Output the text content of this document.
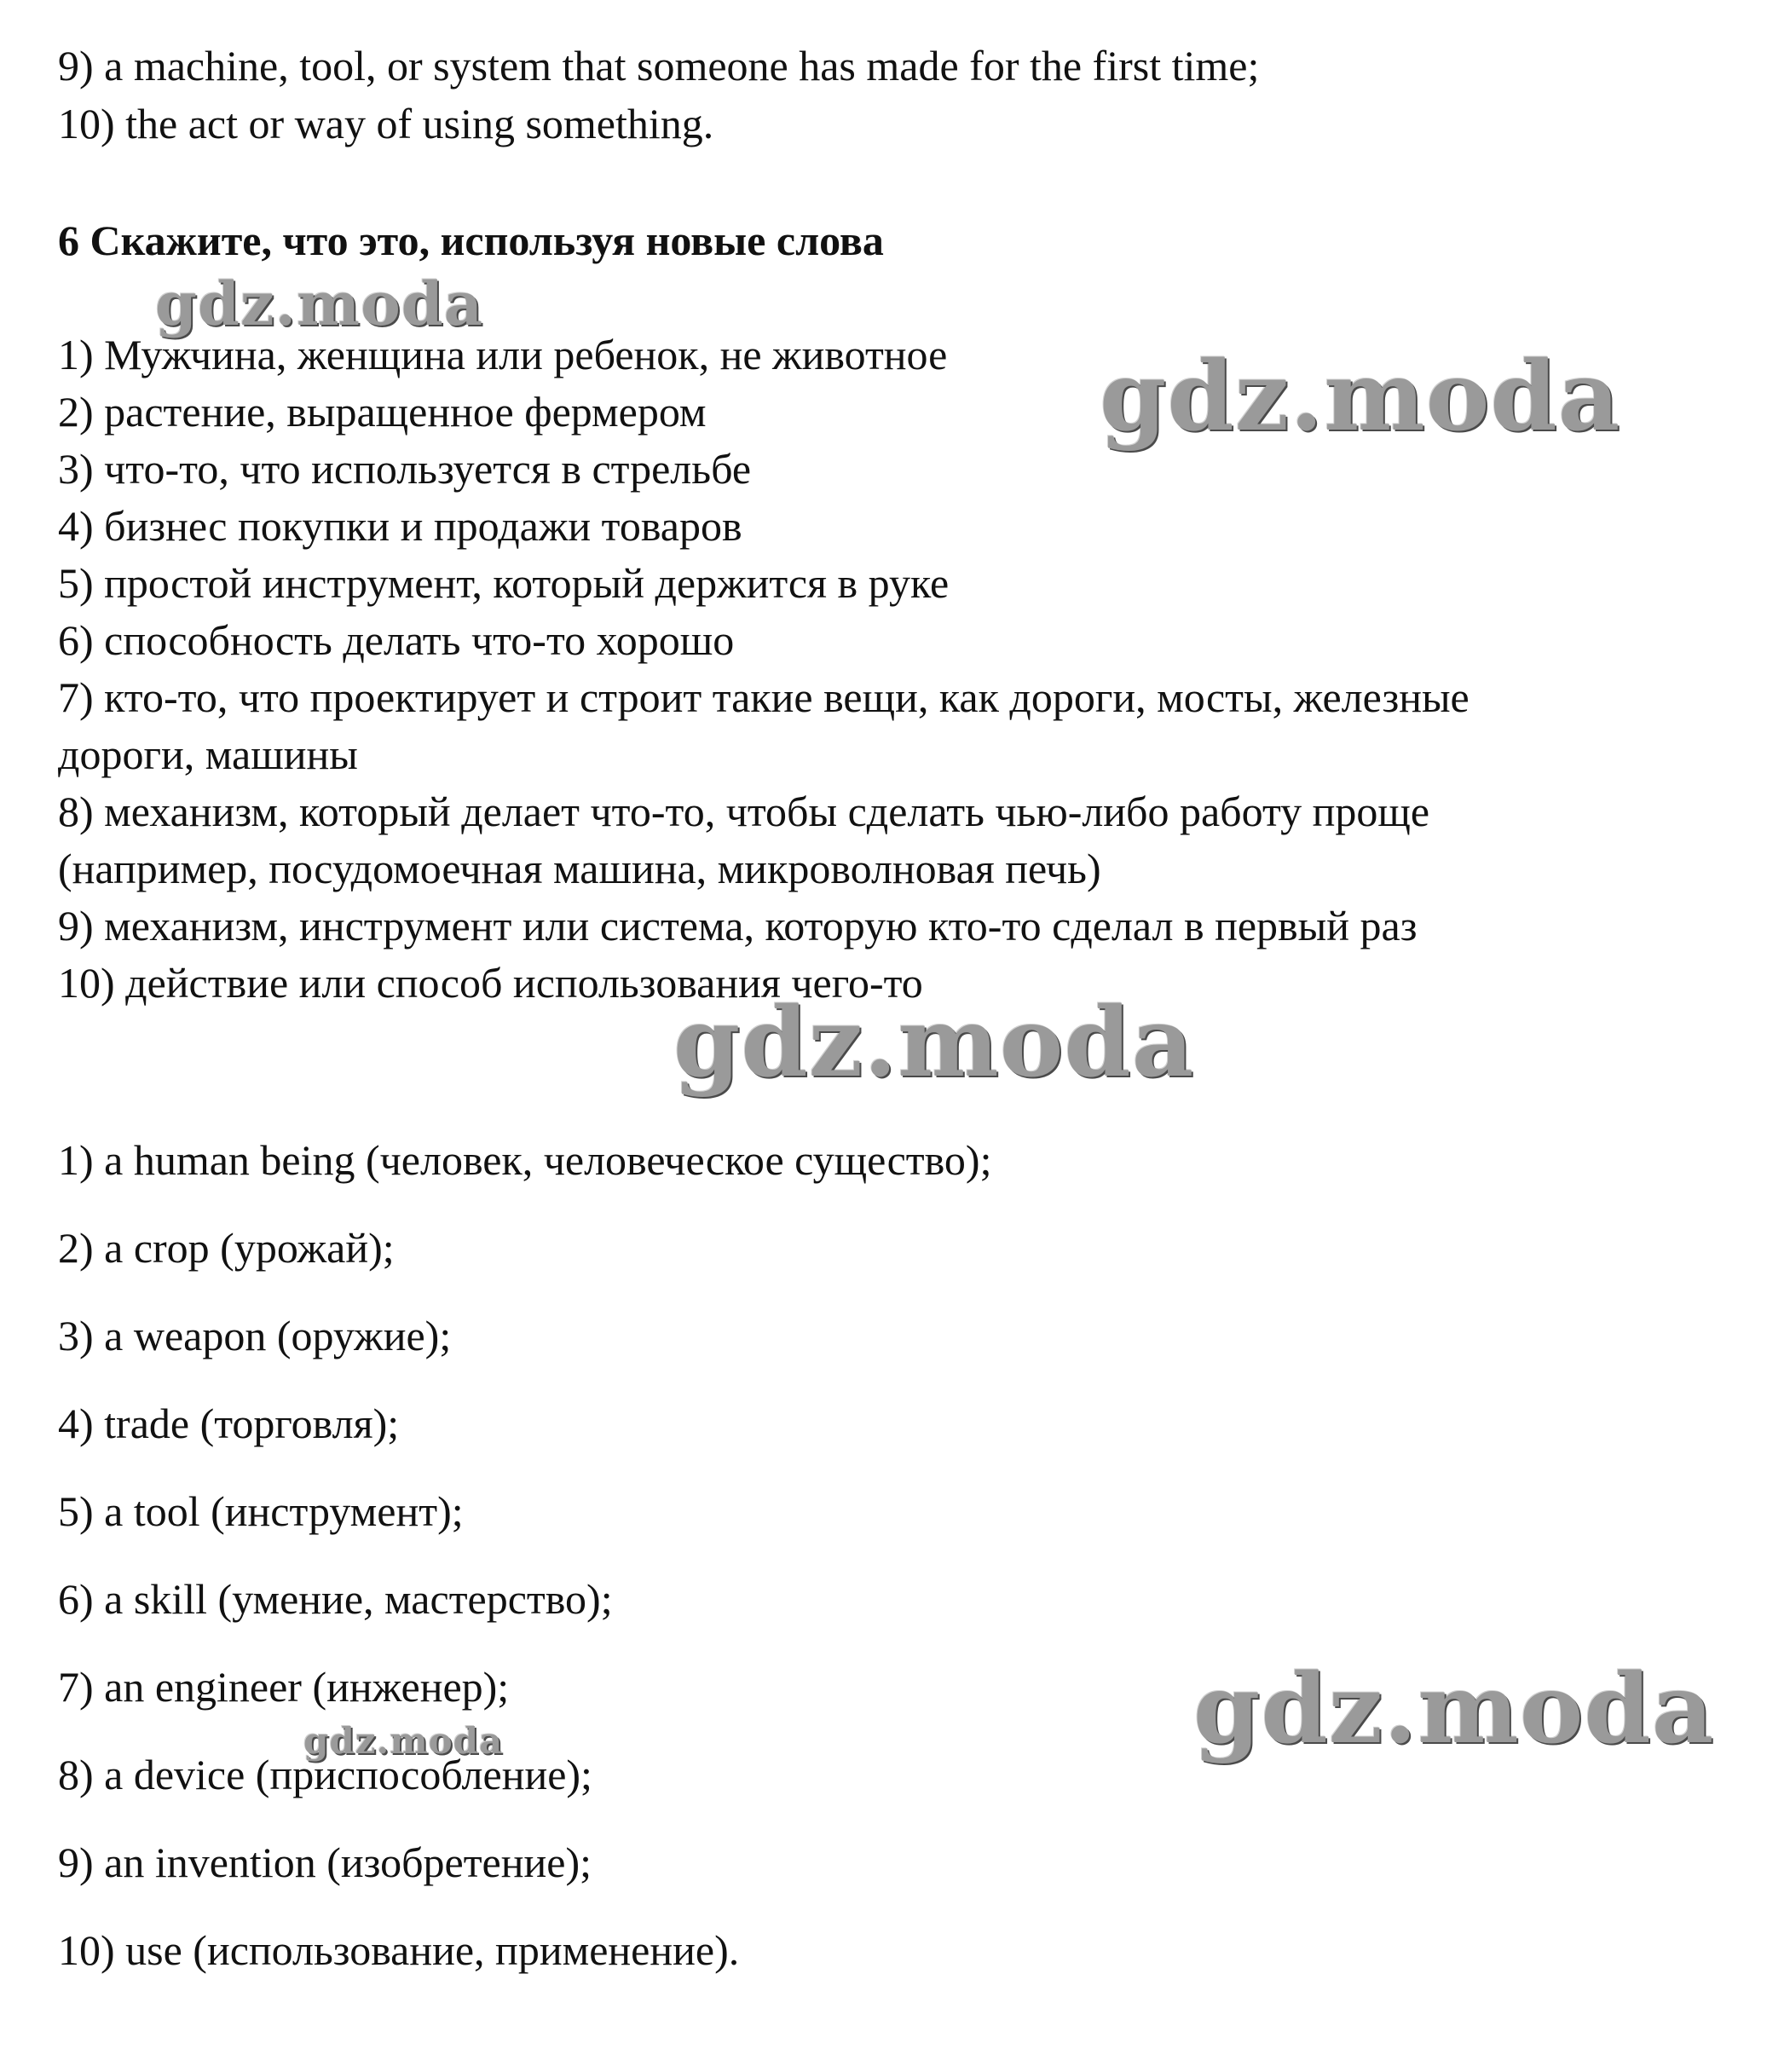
9) a machine, tool, or system that someone has made for the first time;
10) the act or way of using something.
6 Скажите, что это, используя новые слова
1) Мужчина, женщина или ребенок, не животное
2) растение, выращенное фермером
3) что-то, что используется в стрельбе
4) бизнес покупки и продажи товаров
5) простой инструмент, который держится в руке
6) способность делать что-то хорошо
7) кто-то, что проектирует и строит такие вещи, как дороги, мосты, железные
дороги, машины
8) механизм, который делает что-то, чтобы сделать чью-либо работу проще
(например, посудомоечная машина, микроволновая печь)
9) механизм, инструмент или система, которую кто-то сделал в первый раз
10) действие или способ использования чего-то
1) a human being (человек, человеческое существо);
2) a crop (урожай);
3) a weapon (оружие);
4) trade (торговля);
5) a tool (инструмент);
6) a skill (умение, мастерство);
7) an engineer (инженер);
8) a device (приспособление);
9) an invention (изобретение);
10) use (использование, применение).
gdz.moda
gdz.moda
gdz.moda
gdz.moda
gdz.moda
